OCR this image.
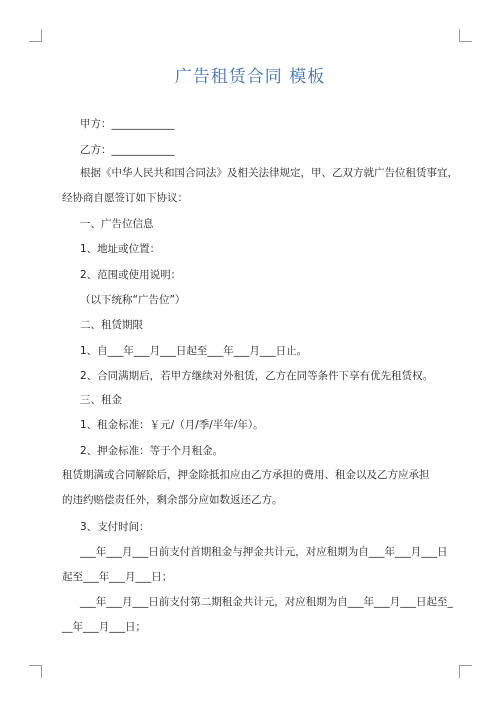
广告租赁合同 模板
甲方：____________
乙方：____________
根据《中华人民共和国合同法》及相关法律规定，甲、乙双方就广告位租赁事宜，
经协商自愿签订如下协议：
一、广告位信息
1、地址或位置：
2、范围或使用说明：
（以下统称“广告位”）
二、租赁期限
1、自___年___月___日起至___年___月___日止。
2、合同满期后，若甲方继续对外租赁，乙方在同等条件下享有优先租赁权。
三、租金
1、租金标准：￥元/（月/季/半年/年）。
2、押金标准：等于个月租金。
租赁期满或合同解除后，押金除抵扣应由乙方承担的费用、租金以及乙方应承担
的违约赔偿责任外，剩余部分应如数返还乙方。
3、支付时间：
___年___月___日前支付首期租金与押金共计元，对应租期为自___年___月___日
起至___年___月___日；
___年___月___日前支付第二期租金共计元，对应租期为自___年___月___日起至_
__年___月___日；
